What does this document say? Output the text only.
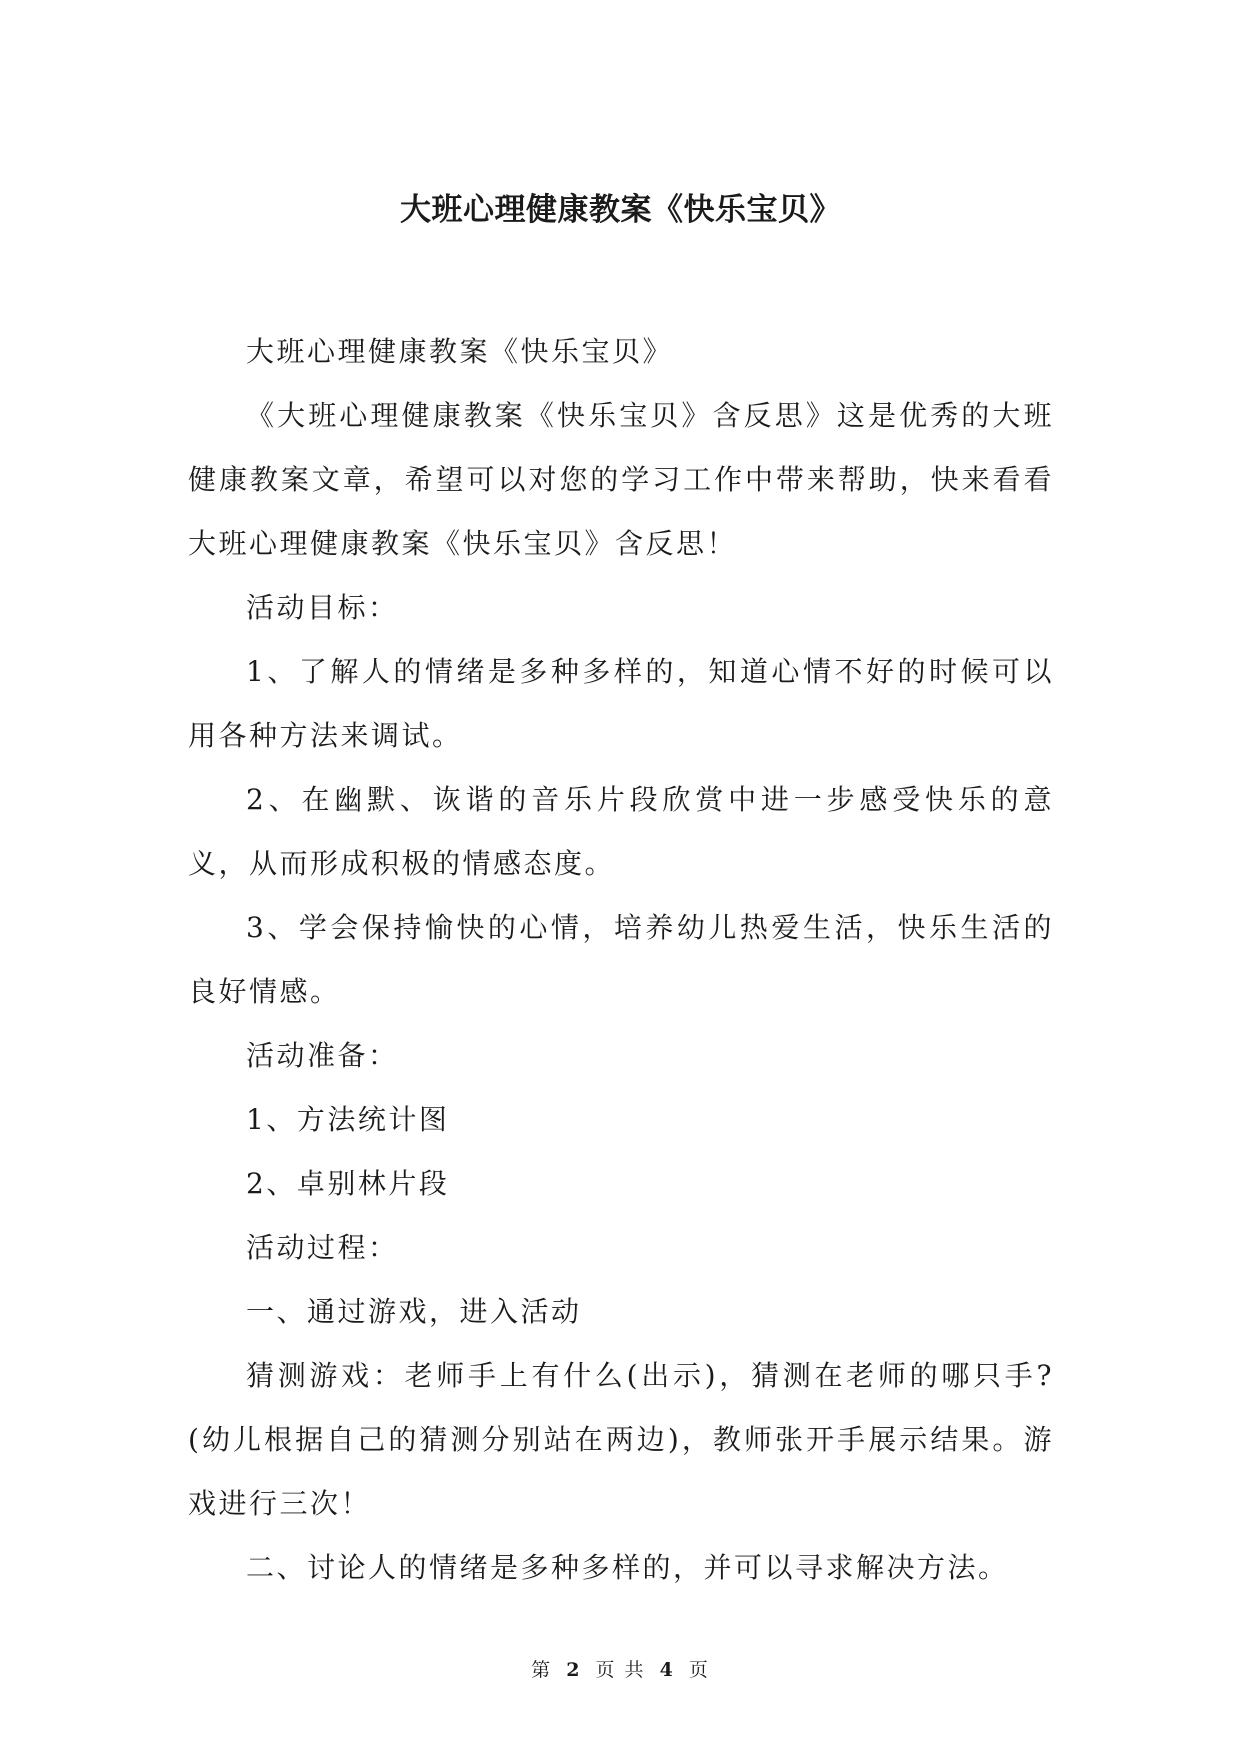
大班心理健康教案《快乐宝贝》

大班心理健康教案《快乐宝贝》

《大班心理健康教案《快乐宝贝》含反思》这是优秀的大班健康教案文章，希望可以对您的学习工作中带来帮助，快来看看大班心理健康教案《快乐宝贝》含反思！

活动目标：

1、了解人的情绪是多种多样的，知道心情不好的时候可以用各种方法来调试。

2、在幽默、诙谐的音乐片段欣赏中进一步感受快乐的意义，从而形成积极的情感态度。

3、学会保持愉快的心情，培养幼儿热爱生活，快乐生活的良好情感。

活动准备：

1、方法统计图

2、卓别林片段

活动过程：

一、通过游戏，进入活动

猜测游戏：老师手上有什么(出示)，猜测在老师的哪只手?(幼儿根据自己的猜测分别站在两边)，教师张开手展示结果。游戏进行三次！

二、讨论人的情绪是多种多样的，并可以寻求解决方法。

第 2 页 共 4 页
